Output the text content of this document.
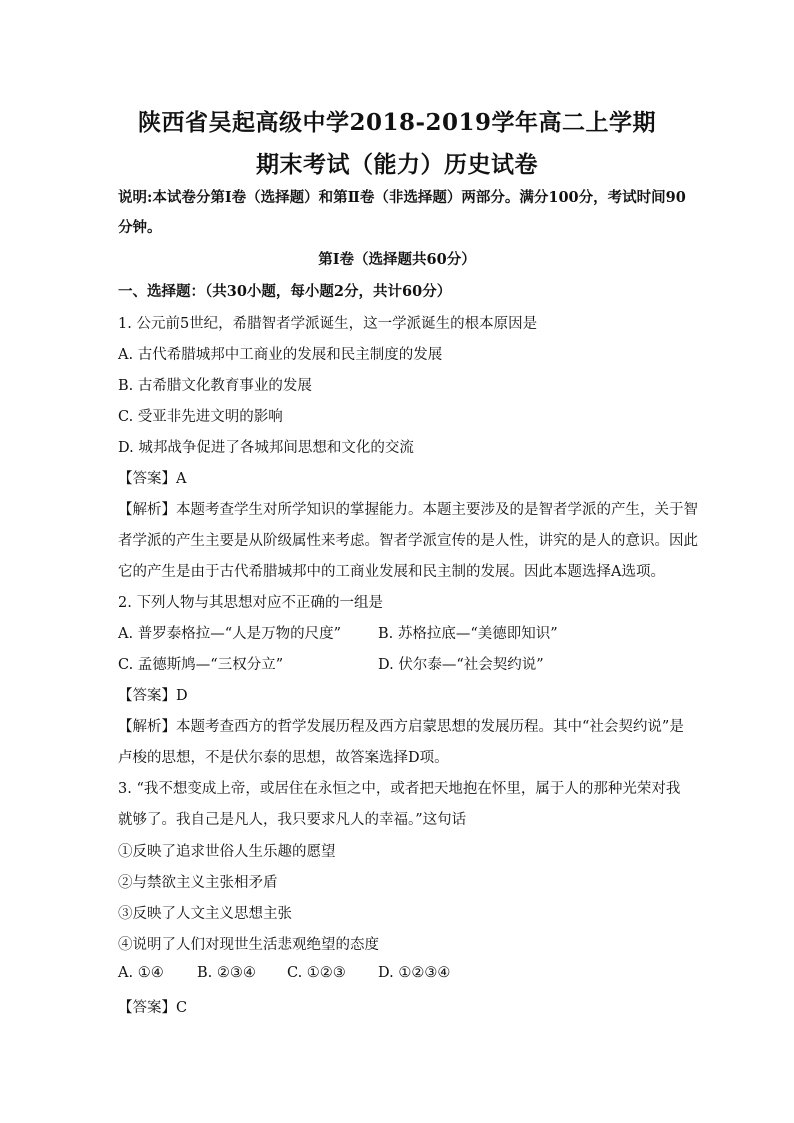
陕西省吴起高级中学2018-2019学年高二上学期
期末考试（能力）历史试卷
说明:本试卷分第Ⅰ卷（选择题）和第Ⅱ卷（非选择题）两部分。满分100分，考试时间90
分钟。
第Ⅰ卷（选择题共60分）
一、选择题：（共30小题，每小题2分，共计60分）
1. 公元前5世纪，希腊智者学派诞生，这一学派诞生的根本原因是
A. 古代希腊城邦中工商业的发展和民主制度的发展
B. 古希腊文化教育事业的发展
C. 受亚非先进文明的影响
D. 城邦战争促进了各城邦间思想和文化的交流
【答案】A
【解析】本题考查学生对所学知识的掌握能力。本题主要涉及的是智者学派的产生，关于智
者学派的产生主要是从阶级属性来考虑。智者学派宣传的是人性，讲究的是人的意识。因此
它的产生是由于古代希腊城邦中的工商业发展和民主制的发展。因此本题选择A选项。
2. 下列人物与其思想对应不正确的一组是
A. 普罗泰格拉—“人是万物的尺度”	B. 苏格拉底—“美德即知识”
C. 孟德斯鸠—“三权分立”	D. 伏尔泰—“社会契约说”
【答案】D
【解析】本题考查西方的哲学发展历程及西方启蒙思想的发展历程。其中“社会契约说”是
卢梭的思想，不是伏尔泰的思想，故答案选择D项。
3. “我不想变成上帝，或居住在永恒之中，或者把天地抱在怀里，属于人的那种光荣对我
就够了。我自己是凡人，我只要求凡人的幸福。”这句话
①反映了追求世俗人生乐趣的愿望
②与禁欲主义主张相矛盾
③反映了人文主义思想主张
④说明了人们对现世生活悲观绝望的态度
A. ①④ B. ②③④ C. ①②③ D. ①②③④
【答案】C
